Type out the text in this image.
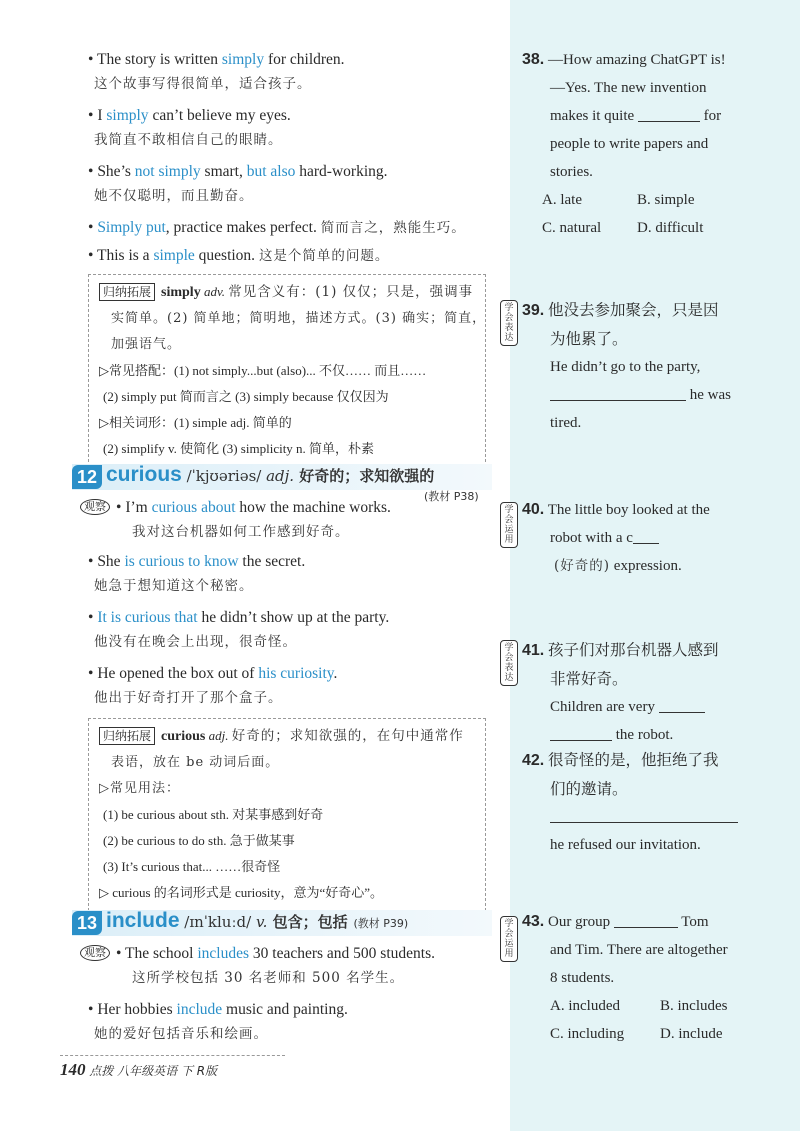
• The story is written simply for children.
这个故事写得很简单，适合孩子。
• I simply can’t believe my eyes.
我简直不敢相信自己的眼睛。
• She’s not simply smart, but also hard-working.
她不仅聪明，而且勤奋。
• Simply put, practice makes perfect. 简而言之，熟能生巧。
• This is a simple question. 这是个简单的问题。
归纳拓展 simply adv. 常见含义有：(1) 仅仅；只是，强调事
实简单。(2) 简单地；简明地，描述方式。(3) 确实；简直，
加强语气。
▷常见搭配：(1) not simply...but (also)... 不仅…… 而且……
(2) simply put 简而言之 (3) simply because 仅仅因为
▷相关词形：(1) simple adj. 简单的
(2) simplify v. 使简化 (3) simplicity n. 简单，朴素
12 curious /ˈkjʊəriəs/ adj. 好奇的；求知欲强的
(教材 P38)
观察 • I’m curious about how the machine works.
我对这台机器如何工作感到好奇。
• She is curious to know the secret.
她急于想知道这个秘密。
• It is curious that he didn’t show up at the party.
他没有在晚会上出现，很奇怪。
• He opened the box out of his curiosity.
他出于好奇打开了那个盒子。
归纳拓展 curious adj. 好奇的；求知欲强的，在句中通常作
表语，放在 be 动词后面。
▷常见用法：
(1) be curious about sth. 对某事感到好奇
(2) be curious to do sth. 急于做某事
(3) It’s curious that... ……很奇怪
▷ curious 的名词形式是 curiosity，意为“好奇心”。
13 include /ɪnˈkluːd/ v. 包含；包括 (教材 P39)
观察 • The school includes 30 teachers and 500 students.
这所学校包括 30 名老师和 500 名学生。
• Her hobbies include music and painting.
她的爱好包括音乐和绘画。
140 点拨 八年级英语 下 R版
38. —How amazing ChatGPT is!
—Yes. The new invention
makes it quite	for
people to write papers and
stories.
A. late	B. simple
C. natural	D. difficult
学会表达
39. 他没去参加聚会，只是因
为他累了。
He didn’t go to the party,
he was
tired.
学会运用
40. The little boy looked at the
robot with a c
(好奇的) expression.
学会表达
41. 孩子们对那台机器人感到
非常好奇。
Children are very
the robot.
42. 很奇怪的是，他拒绝了我
们的邀请。
he refused our invitation.
学会运用
43. Our group	Tom
and Tim. There are altogether
8 students.
A. included	B. includes
C. including	D. include
